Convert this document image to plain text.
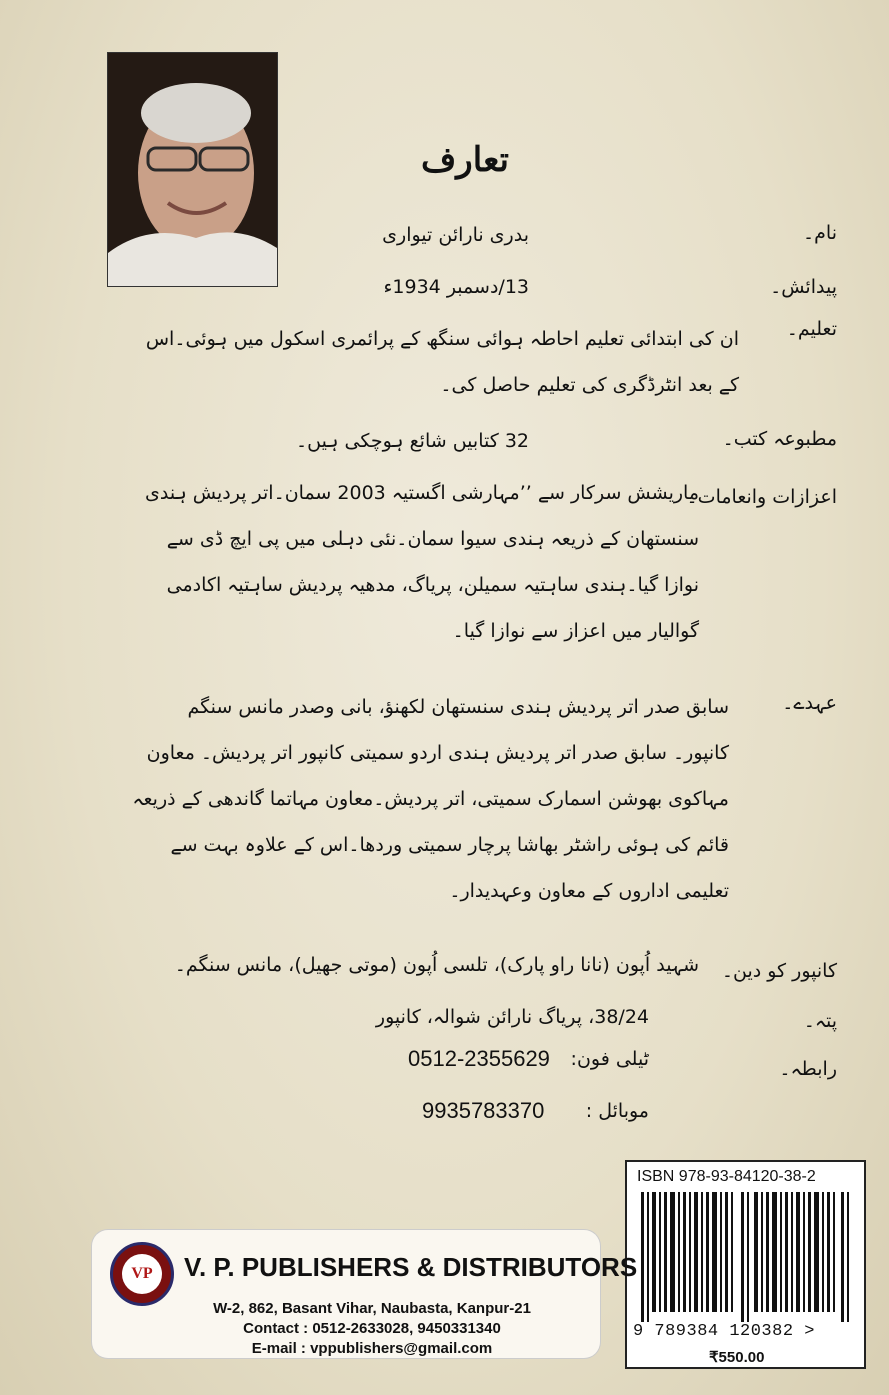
تعارف
نام۔
پیدائش۔
تعلیم۔
مطبوعہ کتب۔
اعزازات وانعامات۔
عہدے۔
کانپور کو دین۔
پتہ۔
رابطہ۔
بدری نارائن تیواری
13/دسمبر 1934ء
ان کی ابتدائی تعلیم احاطہ ہوائی سنگھ کے پرائمری اسکول میں ہوئی۔اس کے بعد انٹرڈگری کی تعلیم حاصل کی۔
32 کتابیں شائع ہوچکی ہیں۔
ماریشش سرکار سے ’’مہارشی اگستیہ 2003 سمان۔اتر پردیش ہندی سنستھان کے ذریعہ ہندی سیوا سمان۔نئی دہلی میں پی ایچ ڈی سے نوازا گیا۔ہندی ساہتیہ سمیلن، پریاگ، مدھیہ پردیش ساہتیہ اکادمی گوالیار میں اعزاز سے نوازا گیا۔
سابق صدر اتر پردیش ہندی سنستھان لکھنؤ، بانی وصدر مانس سنگم کانپور۔ سابق صدر اتر پردیش ہندی اردو سمیتی کانپور اتر پردیش۔ معاون مہاکوی بھوشن اسمارک سمیتی، اتر پردیش۔معاون مہاتما گاندھی کے ذریعہ قائم کی ہوئی راشٹر بھاشا پرچار سمیتی وردھا۔اس کے علاوہ بہت سے تعلیمی اداروں کے معاون وعہدیدار۔
شہید اُپون (نانا راو پارک)، تلسی اُپون (موتی جھیل)، مانس سنگم۔
38/24، پریاگ نارائن شوالہ، کانپور
ٹیلی فون:
0512-2355629
موبائل :
9935783370
ISBN 978-93-84120-38-2
9 789384 120382 >
₹550.00
VP	V. P. PUBLISHERS & DISTRIBUTORS
W-2, 862, Basant Vihar, Naubasta, Kanpur-21
Contact : 0512-2633028, 9450331340
E-mail : vppublishers@gmail.com
